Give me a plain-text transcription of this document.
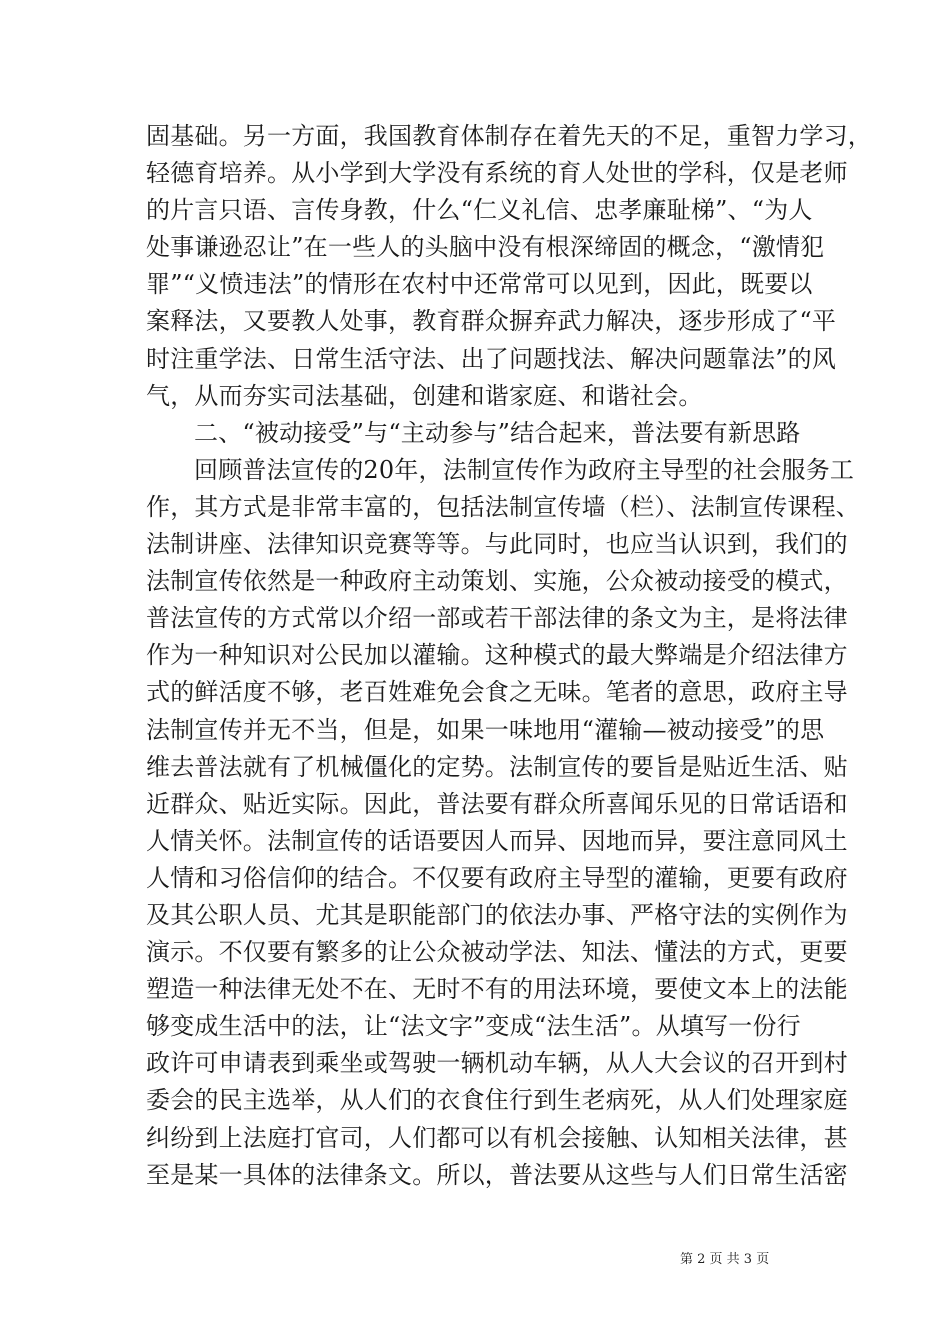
固基础。另一方面，我国教育体制存在着先天的不足，重智力学习，
轻德育培养。从小学到大学没有系统的育人处世的学科，仅是老师
的片言只语、言传身教，什么“仁义礼信、忠孝廉耻梯”、“为人
处事谦逊忍让”在一些人的头脑中没有根深缔固的概念，“激情犯
罪”“义愤违法”的情形在农村中还常常可以见到，因此，既要以
案释法，又要教人处事，教育群众摒弃武力解决，逐步形成了“平
时注重学法、日常生活守法、出了问题找法、解决问题靠法”的风
气，从而夯实司法基础，创建和谐家庭、和谐社会。
二、“被动接受”与“主动参与”结合起来，普法要有新思路
回顾普法宣传的20年，法制宣传作为政府主导型的社会服务工
作，其方式是非常丰富的，包括法制宣传墙（栏）、法制宣传课程、
法制讲座、法律知识竞赛等等。与此同时，也应当认识到，我们的
法制宣传依然是一种政府主动策划、实施，公众被动接受的模式，
普法宣传的方式常以介绍一部或若干部法律的条文为主，是将法律
作为一种知识对公民加以灌输。这种模式的最大弊端是介绍法律方
式的鲜活度不够，老百姓难免会食之无味。笔者的意思，政府主导
法制宣传并无不当，但是，如果一味地用“灌输—被动接受”的思
维去普法就有了机械僵化的定势。法制宣传的要旨是贴近生活、贴
近群众、贴近实际。因此，普法要有群众所喜闻乐见的日常话语和
人情关怀。法制宣传的话语要因人而异、因地而异，要注意同风土
人情和习俗信仰的结合。不仅要有政府主导型的灌输，更要有政府
及其公职人员、尤其是职能部门的依法办事、严格守法的实例作为
演示。不仅要有繁多的让公众被动学法、知法、懂法的方式，更要
塑造一种法律无处不在、无时不有的用法环境，要使文本上的法能
够变成生活中的法，让“法文字”变成“法生活”。从填写一份行
政许可申请表到乘坐或驾驶一辆机动车辆，从人大会议的召开到村
委会的民主选举，从人们的衣食住行到生老病死，从人们处理家庭
纠纷到上法庭打官司，人们都可以有机会接触、认知相关法律，甚
至是某一具体的法律条文。所以，普法要从这些与人们日常生活密
第 2 页 共 3 页
